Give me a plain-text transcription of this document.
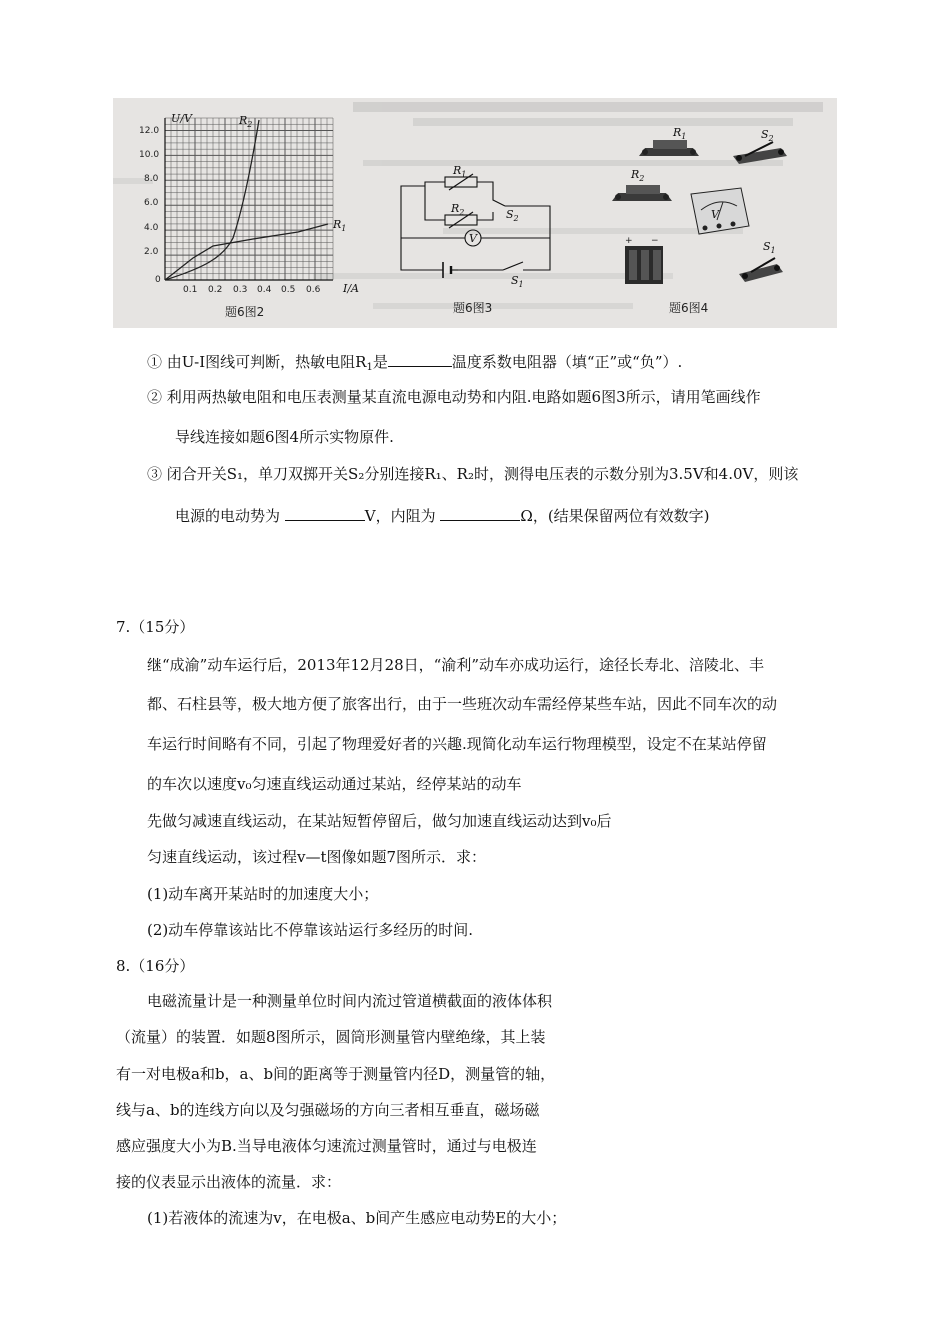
U/V
I/A
12.0
10.0
8.0
6.0
4.0
2.0
0
0.1 0.2 0.3 0.4 0.5 0.6
$R_2$
$R_1$
题6图2
$R_1$
$R_2$	$S_2$
$S_1$
V
题6图3
$R_1$
$R_2$
$S_2$
V
+ −	$S_1$
题6图4
① 由U-I图线可判断，热敏电阻$R_1$是	温度系数电阻器（填“正”或“负”）.
② 利用两热敏电阻和电压表测量某直流电源电动势和内阻.电路如题6图3所示，请用笔画线作
导线连接如题6图4所示实物原件.
③ 闭合开关S₁，单刀双掷开关S₂分别连接R₁、R₂时，测得电压表的示数分别为3.5V和4.0V，则该
电源的电动势为	V，内阻为	Ω，(结果保留两位有效数字)
7.（15分）
继“成渝”动车运行后，2013年12月28日，“渝利”动车亦成功运行，途径长寿北、涪陵北、丰
都、石柱县等，极大地方便了旅客出行，由于一些班次动车需经停某些车站，因此不同车次的动
车运行时间略有不同，引起了物理爱好者的兴趣.现简化动车运行物理模型，设定不在某站停留
的车次以速度v₀匀速直线运动通过某站，经停某站的动车
先做匀减速直线运动，在某站短暂停留后，做匀加速直线运动达到v₀后
匀速直线运动，该过程v—t图像如题7图所示．求：
(1)动车离开某站时的加速度大小；
(2)动车停靠该站比不停靠该站运行多经历的时间.
8.（16分）
电磁流量计是一种测量单位时间内流过管道横截面的液体体积
（流量）的装置．如题8图所示，圆筒形测量管内壁绝缘，其上装
有一对电极a和b，a、b间的距离等于测量管内径D，测量管的轴，
线与a、b的连线方向以及匀强磁场的方向三者相互垂直，磁场磁
感应强度大小为B.当导电液体匀速流过测量管时，通过与电极连
接的仪表显示出液体的流量．求：
(1)若液体的流速为v，在电极a、b间产生感应电动势E的大小；
